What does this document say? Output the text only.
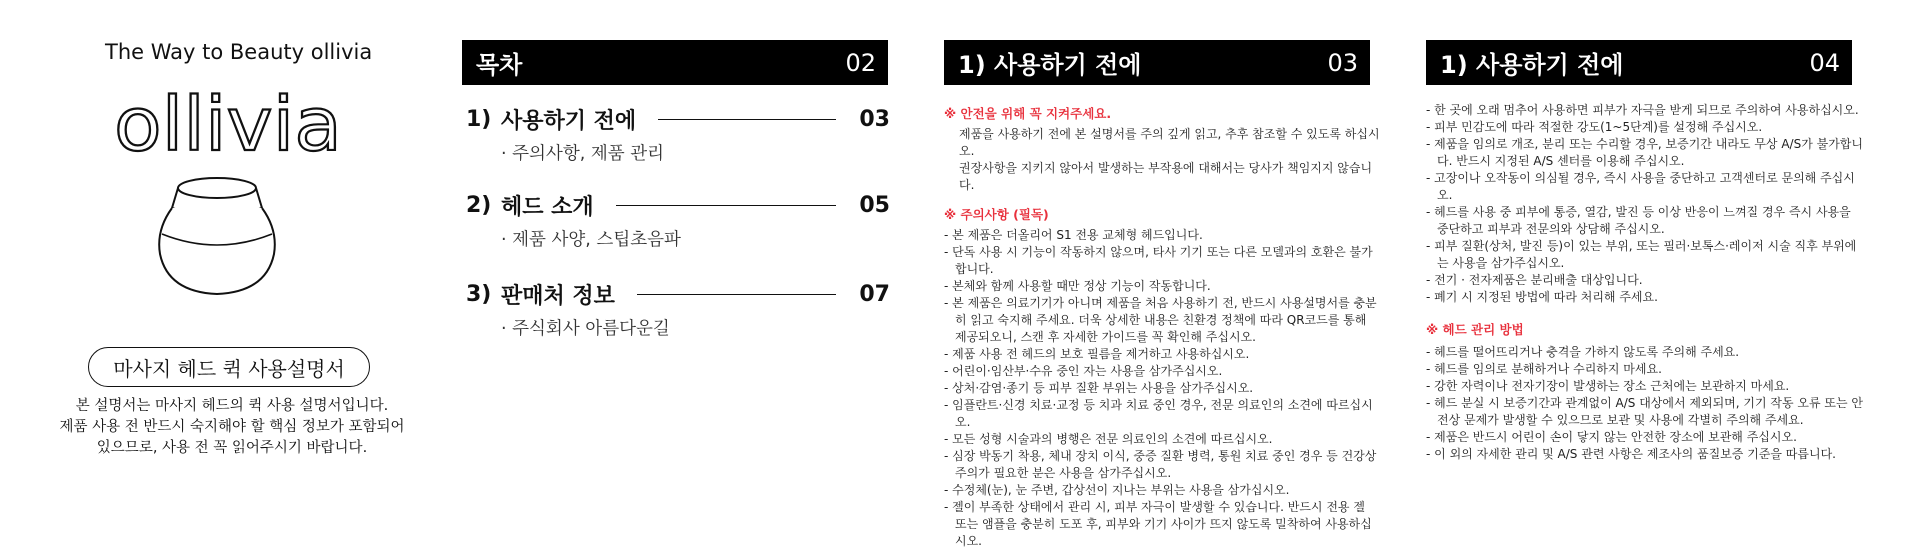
The Way to Beauty ollivia
ollivia
마사지 헤드 퀵 사용설명서
본 설명서는 마사지 헤드의 퀵 사용 설명서입니다.
제품 사용 전 반드시 숙지해야 할 핵심 정보가 포함되어
있으므로, 사용 전 꼭 읽어주시기 바랍니다.
목차	02
1) 사용하기 전에	03
· 주의사항, 제품 관리
2) 헤드 소개	05
· 제품 사양, 스팁초음파
3) 판매처 정보	07
· 주식회사 아름다운길
1) 사용하기 전에	03
※ 안전을 위해 꼭 지켜주세요.
제품을 사용하기 전에 본 설명서를 주의 깊게 읽고, 추후 참조할 수 있도록 하십시오.
권장사항을 지키지 않아서 발생하는 부작용에 대해서는 당사가 책임지지 않습니다.
※ 주의사항 (필독)
- 본 제품은 더올리어 S1 전용 교체형 헤드입니다.
- 단독 사용 시 기능이 작동하지 않으며, 타사 기기 또는 다른 모델과의 호환은 불가합니다.
- 본체와 함께 사용할 때만 정상 기능이 작동합니다.
- 본 제품은 의료기기가 아니며 제품을 처음 사용하기 전, 반드시 사용설명서를 충분히 읽고 숙지해 주세요. 더욱 상세한 내용은 친환경 정책에 따라 QR코드를 통해 제공되오니, 스캔 후 자세한 가이드를 꼭 확인해 주십시오.
- 제품 사용 전 헤드의 보호 필름을 제거하고 사용하십시오.
- 어린이·임산부·수유 중인 자는 사용을 삼가주십시오.
- 상처·감염·종기 등 피부 질환 부위는 사용을 삼가주십시오.
- 임플란트·신경 치료·교정 등 치과 치료 중인 경우, 전문 의료인의 소견에 따르십시오.
- 모든 성형 시술과의 병행은 전문 의료인의 소견에 따르십시오.
- 심장 박동기 착용, 체내 장치 이식, 중증 질환 병력, 통원 치료 중인 경우 등 건강상 주의가 필요한 분은 사용을 삼가주십시오.
- 수정체(눈), 눈 주변, 갑상선이 지나는 부위는 사용을 삼가십시오.
- 젤이 부족한 상태에서 관리 시, 피부 자극이 발생할 수 있습니다. 반드시 전용 젤 또는 앰플을 충분히 도포 후, 피부와 기기 사이가 뜨지 않도록 밀착하여 사용하십시오.
1) 사용하기 전에	04
- 한 곳에 오래 멈추어 사용하면 피부가 자극을 받게 되므로 주의하여 사용하십시오.
- 피부 민감도에 따라 적절한 강도(1~5단계)를 설정해 주십시오.
- 제품을 임의로 개조, 분리 또는 수리할 경우, 보증기간 내라도 무상 A/S가 불가합니다. 반드시 지정된 A/S 센터를 이용해 주십시오.
- 고장이나 오작동이 의심될 경우, 즉시 사용을 중단하고 고객센터로 문의해 주십시오.
- 헤드를 사용 중 피부에 통증, 열감, 발진 등 이상 반응이 느껴질 경우 즉시 사용을 중단하고 피부과 전문의와 상담해 주십시오.
- 피부 질환(상처, 발진 등)이 있는 부위, 또는 필러·보톡스·레이저 시술 직후 부위에는 사용을 삼가주십시오.
- 전기 · 전자제품은 분리배출 대상입니다.
- 폐기 시 지정된 방법에 따라 처리해 주세요.
※ 헤드 관리 방법
- 헤드를 떨어뜨리거나 충격을 가하지 않도록 주의해 주세요.
- 헤드를 임의로 분해하거나 수리하지 마세요.
- 강한 자력이나 전자기장이 발생하는 장소 근처에는 보관하지 마세요.
- 헤드 분실 시 보증기간과 관계없이 A/S 대상에서 제외되며, 기기 작동 오류 또는 안전상 문제가 발생할 수 있으므로 보관 및 사용에 각별히 주의해 주세요.
- 제품은 반드시 어린이 손이 닿지 않는 안전한 장소에 보관해 주십시오.
- 이 외의 자세한 관리 및 A/S 관련 사항은 제조사의 품질보증 기준을 따릅니다.
